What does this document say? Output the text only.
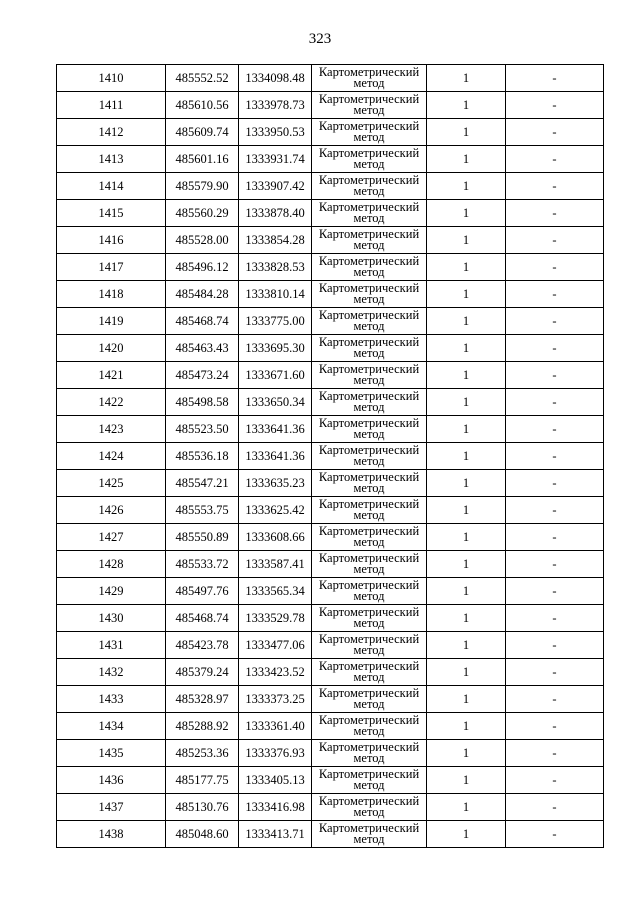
323
1410	485552.52	1334098.48	Картометрический метод	1	-
1411	485610.56	1333978.73	Картометрический метод	1	-
1412	485609.74	1333950.53	Картометрический метод	1	-
1413	485601.16	1333931.74	Картометрический метод	1	-
1414	485579.90	1333907.42	Картометрический метод	1	-
1415	485560.29	1333878.40	Картометрический метод	1	-
1416	485528.00	1333854.28	Картометрический метод	1	-
1417	485496.12	1333828.53	Картометрический метод	1	-
1418	485484.28	1333810.14	Картометрический метод	1	-
1419	485468.74	1333775.00	Картометрический метод	1	-
1420	485463.43	1333695.30	Картометрический метод	1	-
1421	485473.24	1333671.60	Картометрический метод	1	-
1422	485498.58	1333650.34	Картометрический метод	1	-
1423	485523.50	1333641.36	Картометрический метод	1	-
1424	485536.18	1333641.36	Картометрический метод	1	-
1425	485547.21	1333635.23	Картометрический метод	1	-
1426	485553.75	1333625.42	Картометрический метод	1	-
1427	485550.89	1333608.66	Картометрический метод	1	-
1428	485533.72	1333587.41	Картометрический метод	1	-
1429	485497.76	1333565.34	Картометрический метод	1	-
1430	485468.74	1333529.78	Картометрический метод	1	-
1431	485423.78	1333477.06	Картометрический метод	1	-
1432	485379.24	1333423.52	Картометрический метод	1	-
1433	485328.97	1333373.25	Картометрический метод	1	-
1434	485288.92	1333361.40	Картометрический метод	1	-
1435	485253.36	1333376.93	Картометрический метод	1	-
1436	485177.75	1333405.13	Картометрический метод	1	-
1437	485130.76	1333416.98	Картометрический метод	1	-
1438	485048.60	1333413.71	Картометрический метод	1	-
